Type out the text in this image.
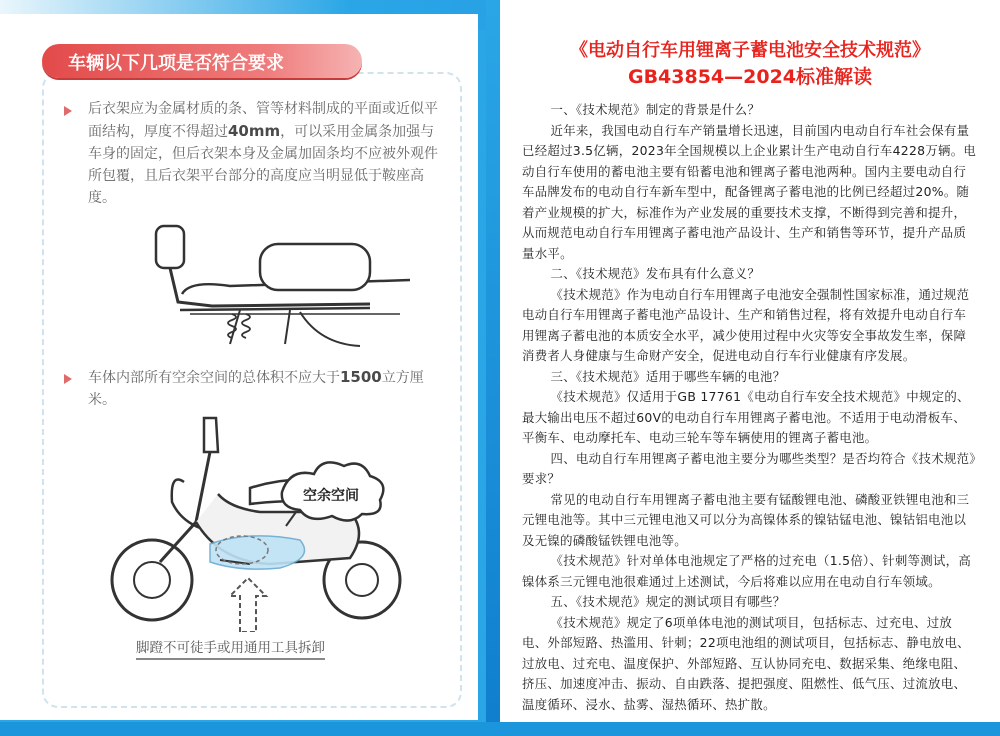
车辆以下几项是否符合要求
后衣架应为金属材质的条、管等材料制成的平面或近似平面结构，厚度不得超过40mm，可以采用金属条加强与车身的固定，但后衣架本身及金属加固条均不应被外观件所包覆，且后衣架平台部分的高度应当明显低于鞍座高度。
车体内部所有空余空间的总体积不应大于1500立方厘米。
空余空间
脚蹬不可徒手或用通用工具拆卸
《电动自行车用锂离子蓄电池安全技术规范》
GB43854—2024标准解读

一、《技术规范》制定的背景是什么？

近年来，我国电动自行车产销量增长迅速，目前国内电动自行车社会保有量已经超过3.5亿辆，2023年全国规模以上企业累计生产电动自行车4228万辆。电动自行车使用的蓄电池主要有铅蓄电池和锂离子蓄电池两种。国内主要电动自行车品牌发布的电动自行车新车型中，配备锂离子蓄电池的比例已经超过20%。随着产业规模的扩大，标准作为产业发展的重要技术支撑，不断得到完善和提升，从而规范电动自行车用锂离子蓄电池产品设计、生产和销售等环节，提升产品质量水平。

二、《技术规范》发布具有什么意义？

《技术规范》作为电动自行车用锂离子电池安全强制性国家标准，通过规范电动自行车用锂离子蓄电池产品设计、生产和销售过程，将有效提升电动自行车用锂离子蓄电池的本质安全水平，减少使用过程中火灾等安全事故发生率，保障消费者人身健康与生命财产安全，促进电动自行车行业健康有序发展。

三、《技术规范》适用于哪些车辆的电池？

《技术规范》仅适用于GB 17761《电动自行车安全技术规范》中规定的、最大输出电压不超过60V的电动自行车用锂离子蓄电池。不适用于电动滑板车、平衡车、电动摩托车、电动三轮车等车辆使用的锂离子蓄电池。

四、电动自行车用锂离子蓄电池主要分为哪些类型？是否均符合《技术规范》要求？

常见的电动自行车用锂离子蓄电池主要有锰酸锂电池、磷酸亚铁锂电池和三元锂电池等。其中三元锂电池又可以分为高镍体系的镍钴锰电池、镍钴铝电池以及无镍的磷酸锰铁锂电池等。

《技术规范》针对单体电池规定了严格的过充电（1.5倍）、针刺等测试，高镍体系三元锂电池很难通过上述测试，今后将难以应用在电动自行车领域。

五、《技术规范》规定的测试项目有哪些？

《技术规范》规定了6项单体电池的测试项目，包括标志、过充电、过放电、外部短路、热滥用、针刺；22项电池组的测试项目，包括标志、静电放电、过放电、过充电、温度保护、外部短路、互认协同充电、数据采集、绝缘电阻、挤压、加速度冲击、振动、自由跌落、提把强度、阻燃性、低气压、过流放电、温度循环、浸水、盐雾、湿热循环、热扩散。
